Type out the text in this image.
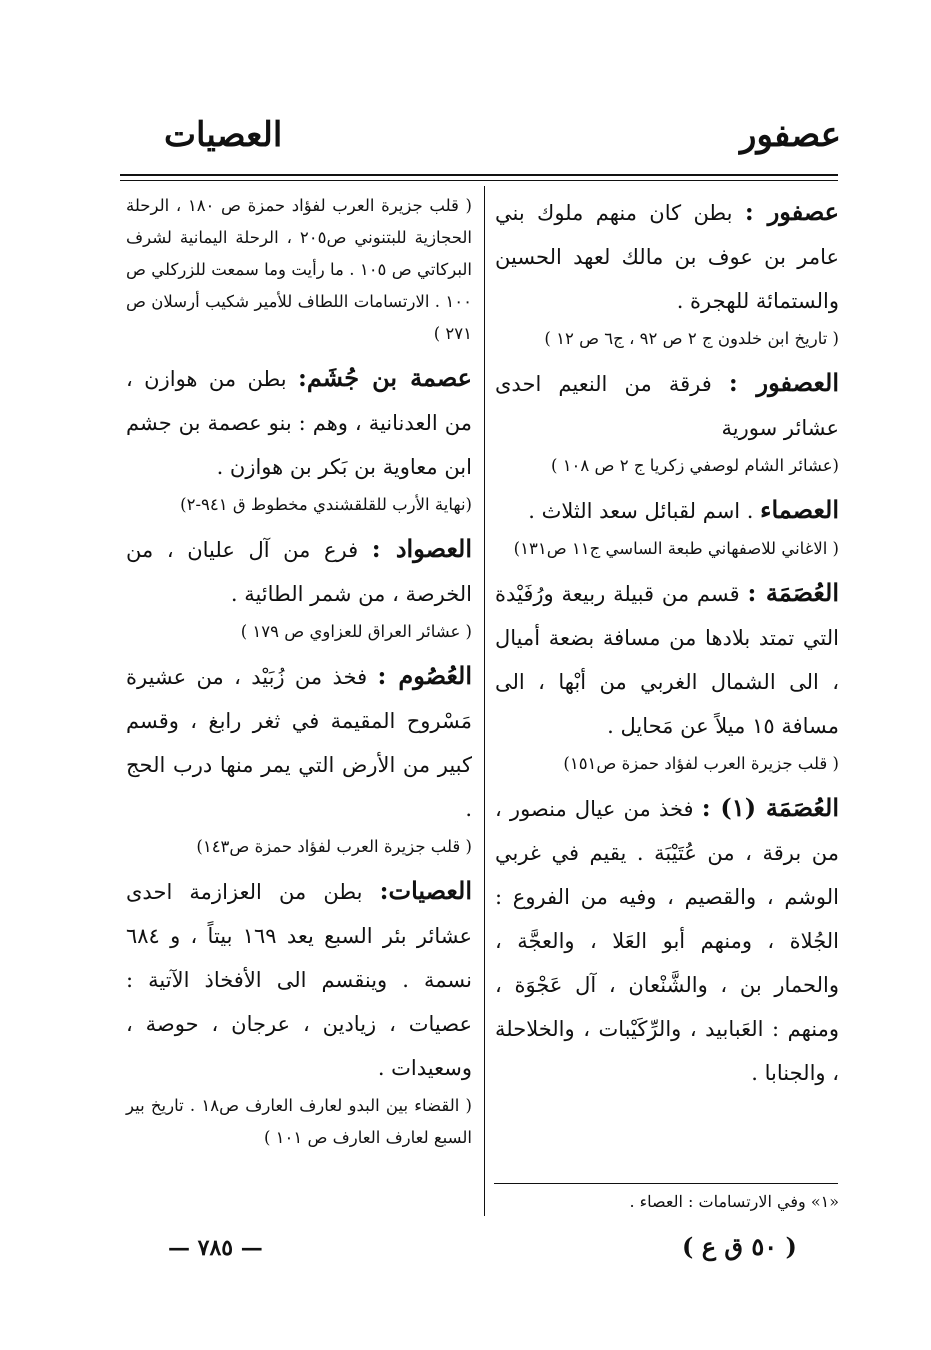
عصفور
العصيات

عصفور : بطن كان منهم ملوك بني عامر بن عوف بن مالك لعهد الحسين والستمائة للهجرة .

( تاريخ ابن خلدون ج ٢ ص ٩٢ ، ج٦ ص ١٢ )

العصفور : فرقة من النعيم احدى عشائر سورية

(عشائر الشام لوصفي زكريا ج ٢ ص ١٠٨ )

العصماء . اسم لقبائل سعد الثلاث .

( الاغاني للاصفهاني طبعة الساسي ج١١ ص١٣١)

العُصَمَة : قسم من قبيلة ربيعة ورُفَيْدة التي تمتد بلادها من مسافة بضعة أميال ، الى الشمال الغربي من أبْها ، الى مسافة ١٥ ميلاً عن مَحايل .

( قلب جزيرة العرب لفؤاد حمزة ص١٥١)

العُصَمَة (١) : فخذ من عيال منصور ، من برقة ، من عُتَيْبَة . يقيم في غربي الوشم ، والقصيم ، وفيه من الفروع : الجُلاة ، ومنهم أبو العَلا ، والعجَّة ، والحمار بن ، والشَّنْعان ، آل عَجْوَة ، ومنهم : العَبابيد ، والرِّكَيْبات ، والخلاحلة ، والجنابا .

( قلب جزيرة العرب لفؤاد حمزة ص ١٨٠ ، الرحلة الحجازية للبتنوني ص٢٠٥ ، الرحلة اليمانية لشرف البركاتي ص ١٠٥ . ما رأيت وما سمعت للزركلي ص ١٠٠ . الارتسامات اللطاف للأمير شكيب أرسلان ص ٢٧١ )

عصمة بن جُشَم: بطن من هوازن ، من العدنانية ، وهم : بنو عصمة بن جشم ابن معاوية بن بَكر بن هوازن .

(نهاية الأرب للقلقشندي مخطوط ق ٩٤١-٢)

العصواد : فرع من آل عليان ، من الخرصة ، من شمر الطائية .

( عشائر العراق للعزاوي ص ١٧٩ )

العُصُوم : فخذ من زُبَيْد ، من عشيرة مَسْروح المقيمة في ثغر رابغ ، وقسم كبير من الأرض التي يمر منها درب الحج .

( قلب جزيرة العرب لفؤاد حمزة ص١٤٣)

العصيات: بطن من العزازمة احدى عشائر بئر السبع يعد ١٦٩ بيتاً ، و ٦٨٤ نسمة . وينقسم الى الأفخاذ الآتية : عصيات ، زيادين ، عرجان ، حوصة ، وسعيدات .

( القضاء بين البدو لعارف العارف ص١٨ . تاريخ بير السبع لعارف العارف ص ١٠١ )

«١» وفي الارتسامات : العصاء .
( ٥٠ ق ع )
— ٧٨٥ —
